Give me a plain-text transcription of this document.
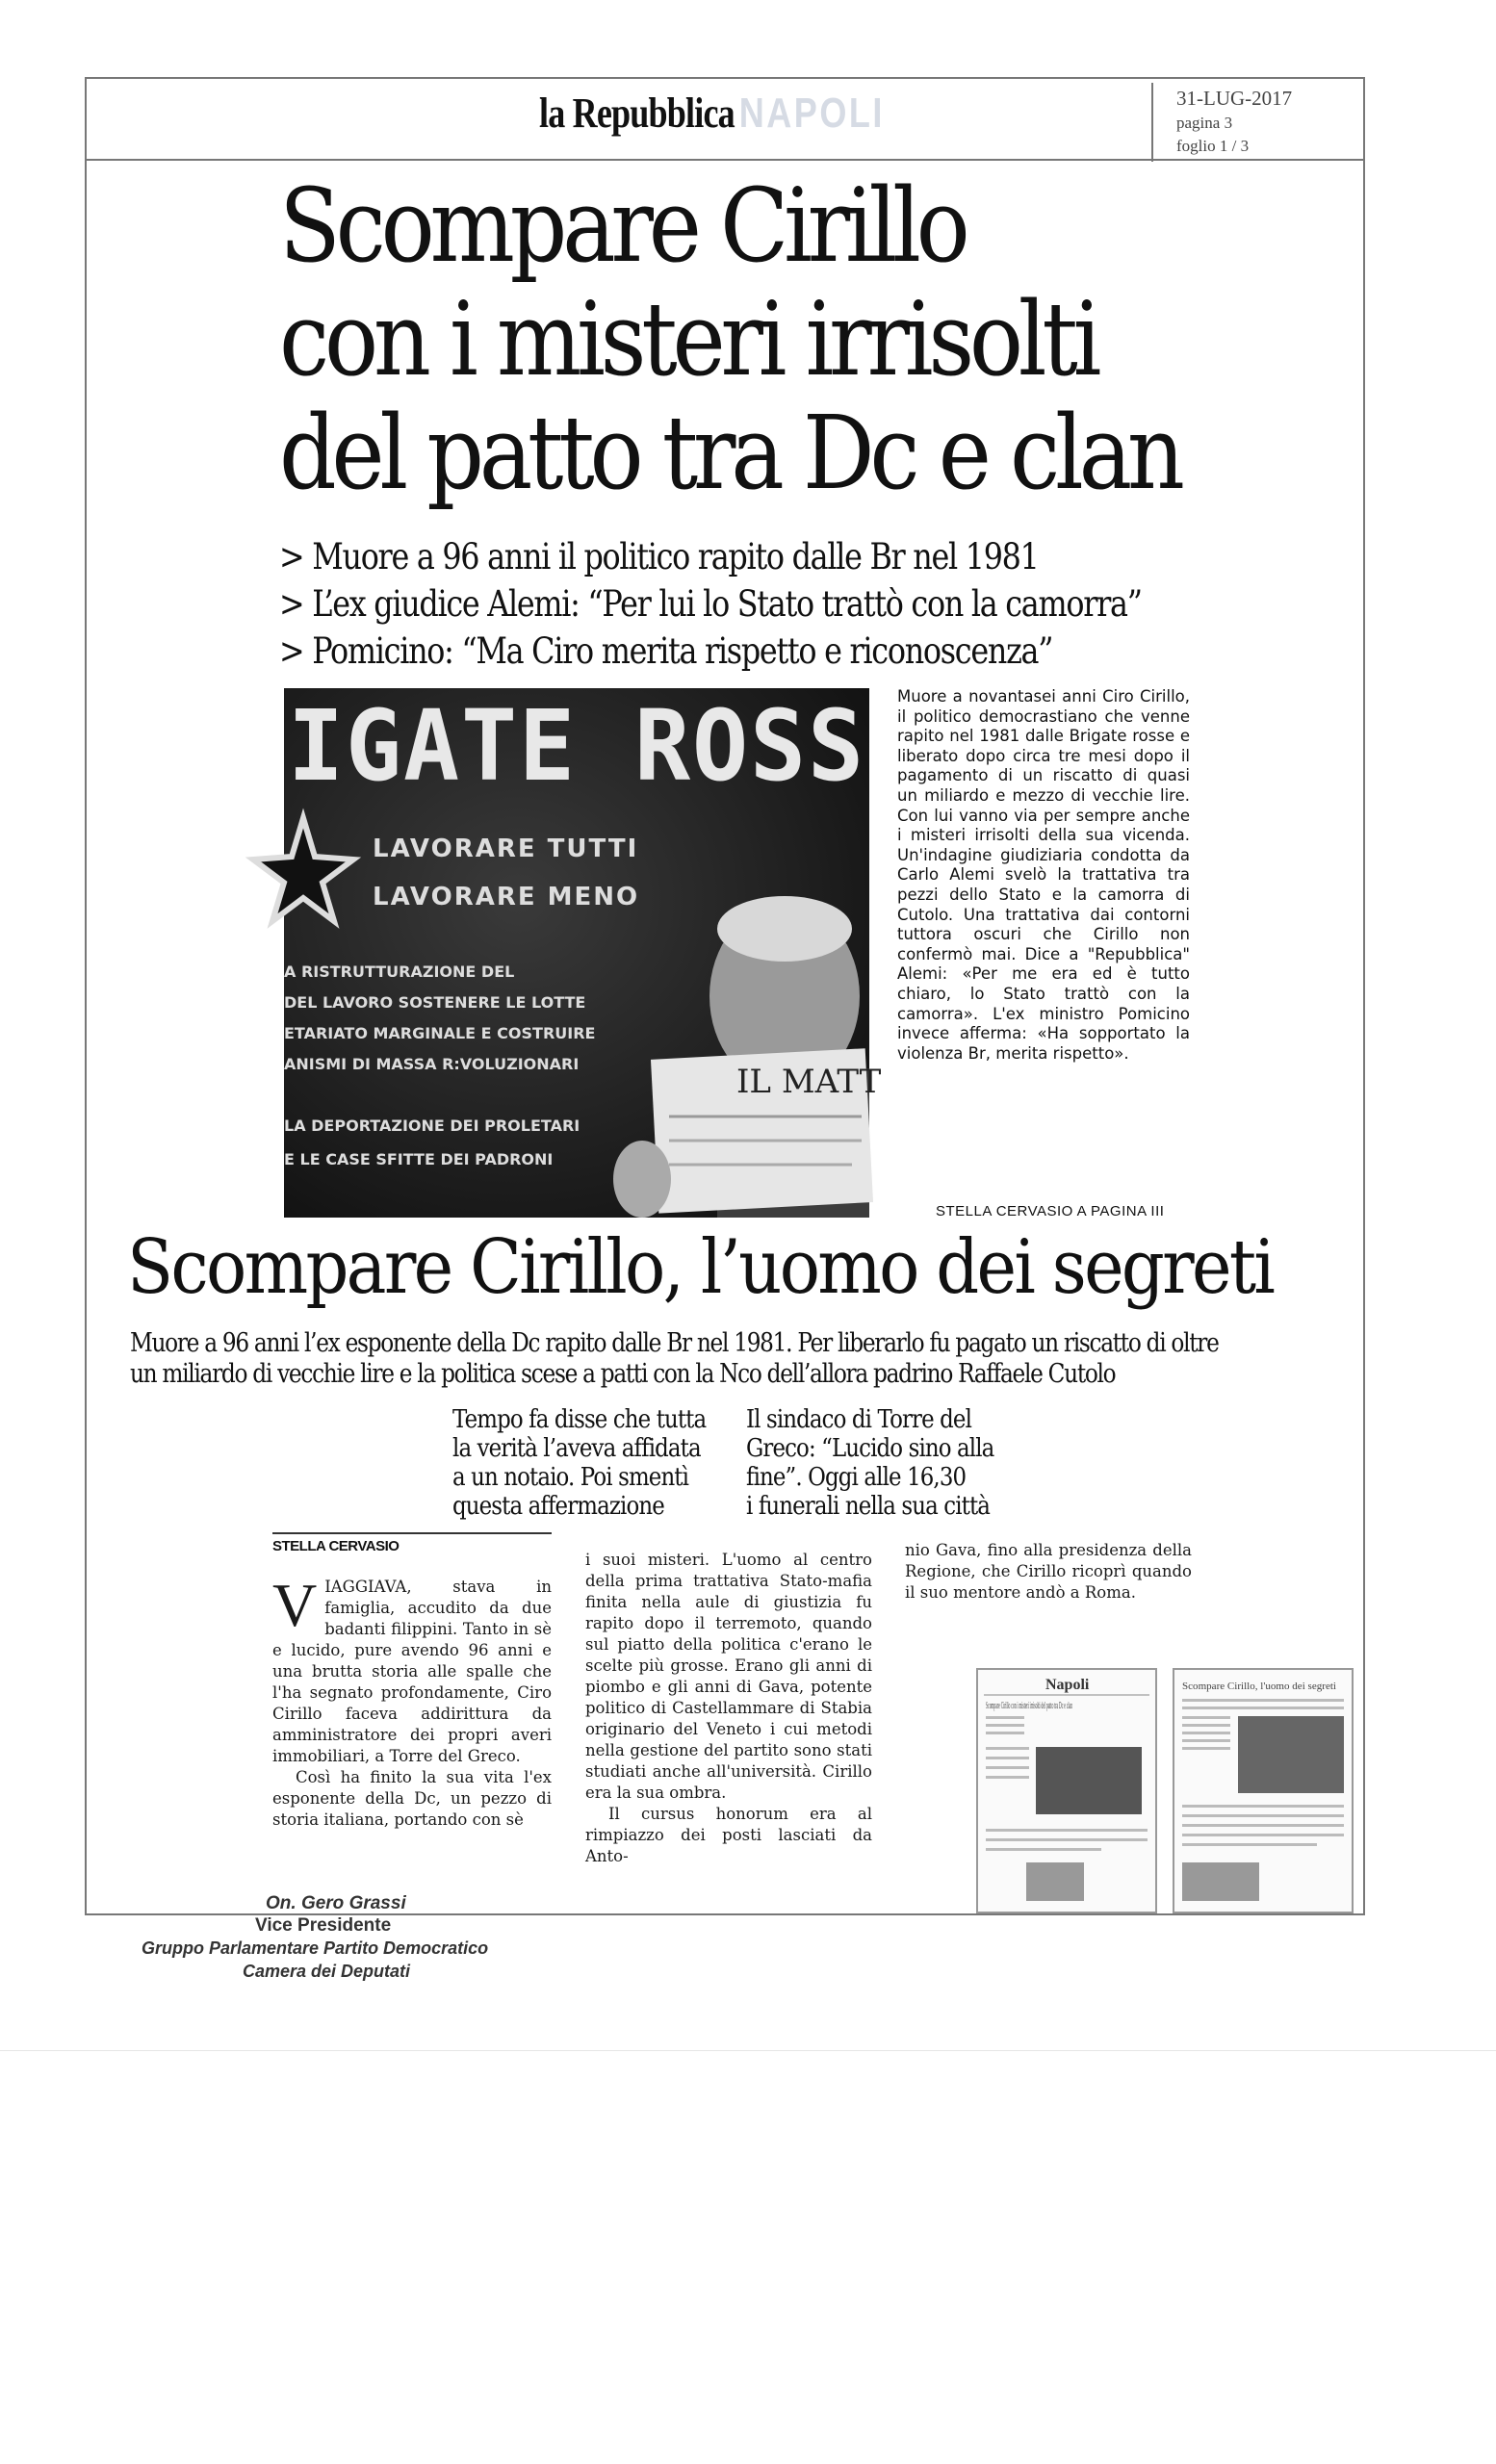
la Repubblica NAPOLI	31-LUG-2017
pagina 3
foglio 1 / 3
Scompare Cirillo
con i misteri irrisolti
del patto tra Dc e clan
> Muore a 96 anni il politico rapito dalle Br nel 1981
> L’ex giudice Alemi: “Per lui lo Stato trattò con la camorra”
> Pomicino: “Ma Ciro merita rispetto e riconoscenza”
IGATE ROSS
LAVORARE TUTTI
LAVORARE MENO
A RISTRUTTURAZIONE DEL
DEL LAVORO SOSTENERE LE LOTTE
ETARIATO MARGINALE E COSTRUIRE
ANISMI DI MASSA R:VOLUZIONARI
LA DEPORTAZIONE DEI PROLETARI
E LE CASE SFITTE DEI PADRONI
IL MATT
Muore a novantasei anni Ciro Cirillo, il politico democrastiano che venne rapito nel 1981 dalle Brigate rosse e liberato dopo circa tre mesi dopo il pagamento di un riscatto di quasi un miliardo e mezzo di vecchie lire. Con lui vanno via per sempre anche i misteri irrisolti della sua vicenda. Un'indagine giudiziaria condotta da Carlo Alemi svelò la trattativa tra pezzi dello Stato e la camorra di Cutolo. Una trattativa dai contorni tuttora oscuri che Cirillo non confermò mai. Dice a "Repubblica" Alemi: «Per me era ed è tutto chiaro, lo Stato trattò con la camorra». L'ex ministro Pomicino invece afferma: «Ha sopportato la violenza Br, merita rispetto».
STELLA CERVASIO A PAGINA III
Scompare Cirillo, l’uomo dei segreti
Muore a 96 anni l’ex esponente della Dc rapito dalle Br nel 1981. Per liberarlo fu pagato un riscatto di oltre
un miliardo di vecchie lire e la politica scese a patti con la Nco dell’allora padrino Raffaele Cutolo
Tempo fa disse che tutta
la verità l’aveva affidata
a un notaio. Poi smentì
questa affermazione
Il sindaco di Torre del
Greco: “Lucido sino alla
fine”. Oggi alle 16,30
i funerali nella sua città
STELLA CERVASIO
VIAGGIAVA, stava in famiglia, accudito da due badanti filippini. Tanto in sè e lucido, pure avendo 96 anni e una brutta storia alle spalle che l'ha segnato profondamente, Ciro Cirillo faceva addirittura da amministratore dei propri averi immobiliari, a Torre del Greco.
Così ha finito la sua vita l'ex esponente della Dc, un pezzo di storia italiana, portando con sè
i suoi misteri. L'uomo al centro della prima trattativa Stato-mafia finita nella aule di giustizia fu rapito dopo il terremoto, quando sul piatto della politica c'erano le scelte più grosse. Erano gli anni di piombo e gli anni di Gava, potente politico di Castellammare di Stabia originario del Veneto i cui metodi nella gestione del partito sono stati studiati anche all'università. Cirillo era la sua ombra.
Il cursus honorum era al rimpiazzo dei posti lasciati da Anto-
nio Gava, fino alla presidenza della Regione, che Cirillo ricoprì quando il suo mentore andò a Roma.
Napoli
Scompare Cirillo con i misteri irrisolti del patto tra Dc e clan
Scompare Cirillo, l'uomo dei segreti
On. Gero Grassi
Vice Presidente
Gruppo Parlamentare Partito Democratico
Camera dei Deputati
